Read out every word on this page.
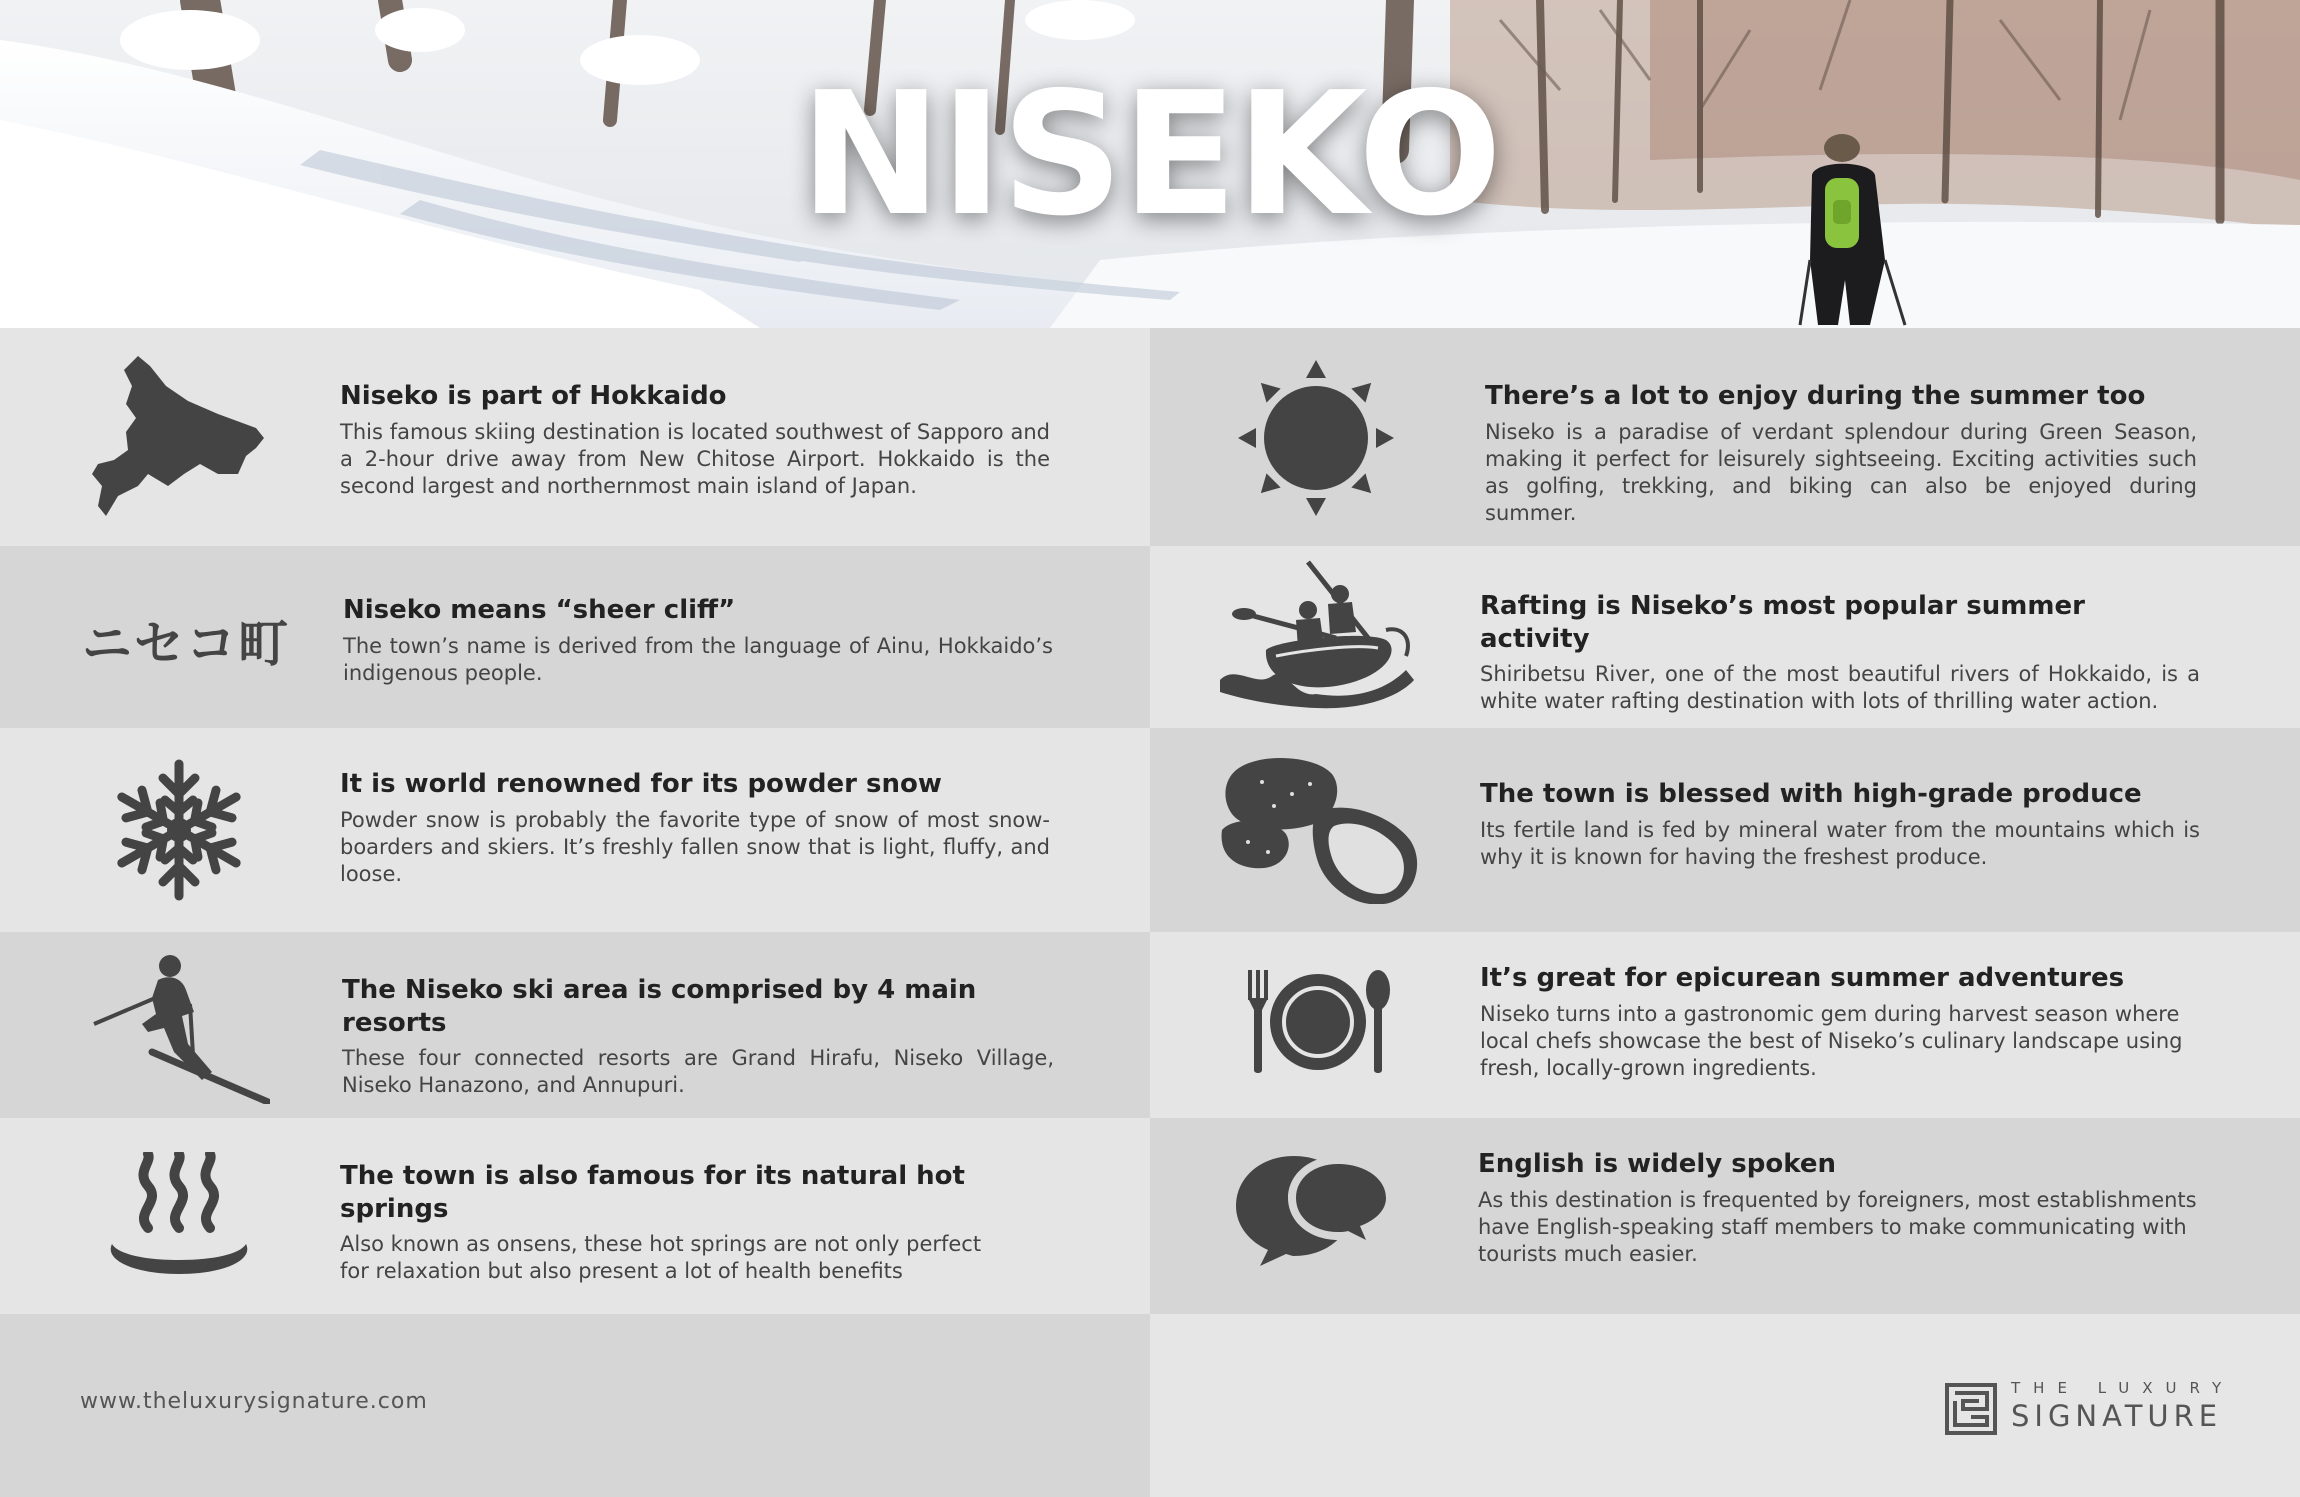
NISEKO
Niseko is part of Hokkaido

This famous skiing destination is located southwest of Sapporo and a 2-hour drive away from New Chitose Airport. Hokkaido is the second largest and northernmost main island of Japan.

ニセコ町
Niseko means “sheer cliff”

The town’s name is derived from the language of Ainu, Hokkaido’s indigenous people.

It is world renowned for its powder snow

Powder snow is probably the favorite type of snow of most snow-boarders and skiers. It’s freshly fallen snow that is light, fluffy, and loose.

The Niseko ski area is comprised by 4 main resorts

These four connected resorts are Grand Hirafu, Niseko Village, Niseko Hanazono, and Annupuri.

The town is also famous for its natural hot springs

Also known as onsens, these hot springs are not only perfect for relaxation but also present a lot of health benefits

There’s a lot to enjoy during the summer too

Niseko is a paradise of verdant splendour during Green Season, making it perfect for leisurely sightseeing. Exciting activities such as golfing, trekking, and biking can also be enjoyed during summer.

Rafting is Niseko’s most popular summer activity

Shiribetsu River, one of the most beautiful rivers of Hokkaido, is a white water rafting destination with lots of thrilling water action.

The town is blessed with high-grade produce

Its fertile land is fed by mineral water from the mountains which is why it is known for having the freshest produce.

It’s great for epicurean summer adventures

Niseko turns into a gastronomic gem during harvest season where local chefs showcase the best of Niseko’s culinary landscape using fresh, locally-grown ingredients.

English is widely spoken

As this destination is frequented by foreigners, most establishments have English-speaking staff members to make communicating with tourists much easier.

www.theluxurysignature.com
THE LUXURY
SIGNATURE
